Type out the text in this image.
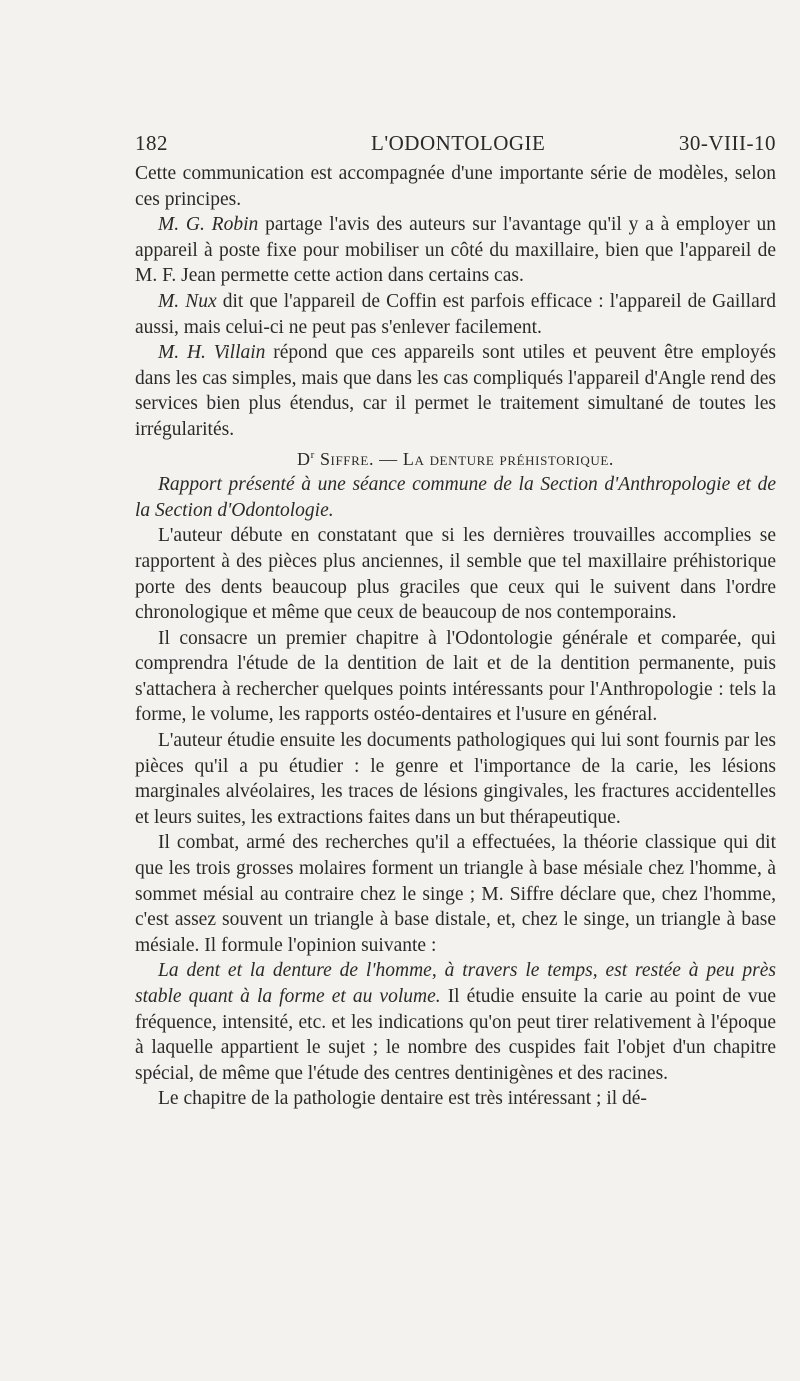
182	L'ODONTOLOGIE	30-VIII-10

Cette communication est accompagnée d'une importante série de modèles, selon ces principes.

M. G. Robin partage l'avis des auteurs sur l'avantage qu'il y a à employer un appareil à poste fixe pour mobiliser un côté du maxillaire, bien que l'appareil de M. F. Jean permette cette action dans certains cas.

M. Nux dit que l'appareil de Coffin est parfois efficace : l'appareil de Gaillard aussi, mais celui-ci ne peut pas s'enlever facilement.

M. H. Villain répond que ces appareils sont utiles et peuvent être employés dans les cas simples, mais que dans les cas compliqués l'appareil d'Angle rend des services bien plus étendus, car il permet le traitement simultané de toutes les irrégularités.

$D^r$ Siffre. — La denture préhistorique.

Rapport présenté à une séance commune de la Section d'Anthropologie et de la Section d'Odontologie.

L'auteur débute en constatant que si les dernières trouvailles accomplies se rapportent à des pièces plus anciennes, il semble que tel maxillaire préhistorique porte des dents beaucoup plus graciles que ceux qui le suivent dans l'ordre chronologique et même que ceux de beaucoup de nos contemporains.

Il consacre un premier chapitre à l'Odontologie générale et comparée, qui comprendra l'étude de la dentition de lait et de la dentition permanente, puis s'attachera à rechercher quelques points intéressants pour l'Anthropologie : tels la forme, le volume, les rapports ostéo-dentaires et l'usure en général.

L'auteur étudie ensuite les documents pathologiques qui lui sont fournis par les pièces qu'il a pu étudier : le genre et l'importance de la carie, les lésions marginales alvéolaires, les traces de lésions gingivales, les fractures accidentelles et leurs suites, les extractions faites dans un but thérapeutique.

Il combat, armé des recherches qu'il a effectuées, la théorie classique qui dit que les trois grosses molaires forment un triangle à base mésiale chez l'homme, à sommet mésial au contraire chez le singe ; M. Siffre déclare que, chez l'homme, c'est assez souvent un triangle à base distale, et, chez le singe, un triangle à base mésiale. Il formule l'opinion suivante :

La dent et la denture de l'homme, à travers le temps, est restée à peu près stable quant à la forme et au volume. Il étudie ensuite la carie au point de vue fréquence, intensité, etc. et les indications qu'on peut tirer relativement à l'époque à laquelle appartient le sujet ; le nombre des cuspides fait l'objet d'un chapitre spécial, de même que l'étude des centres dentinigènes et des racines.

Le chapitre de la pathologie dentaire est très intéressant ; il dé-
